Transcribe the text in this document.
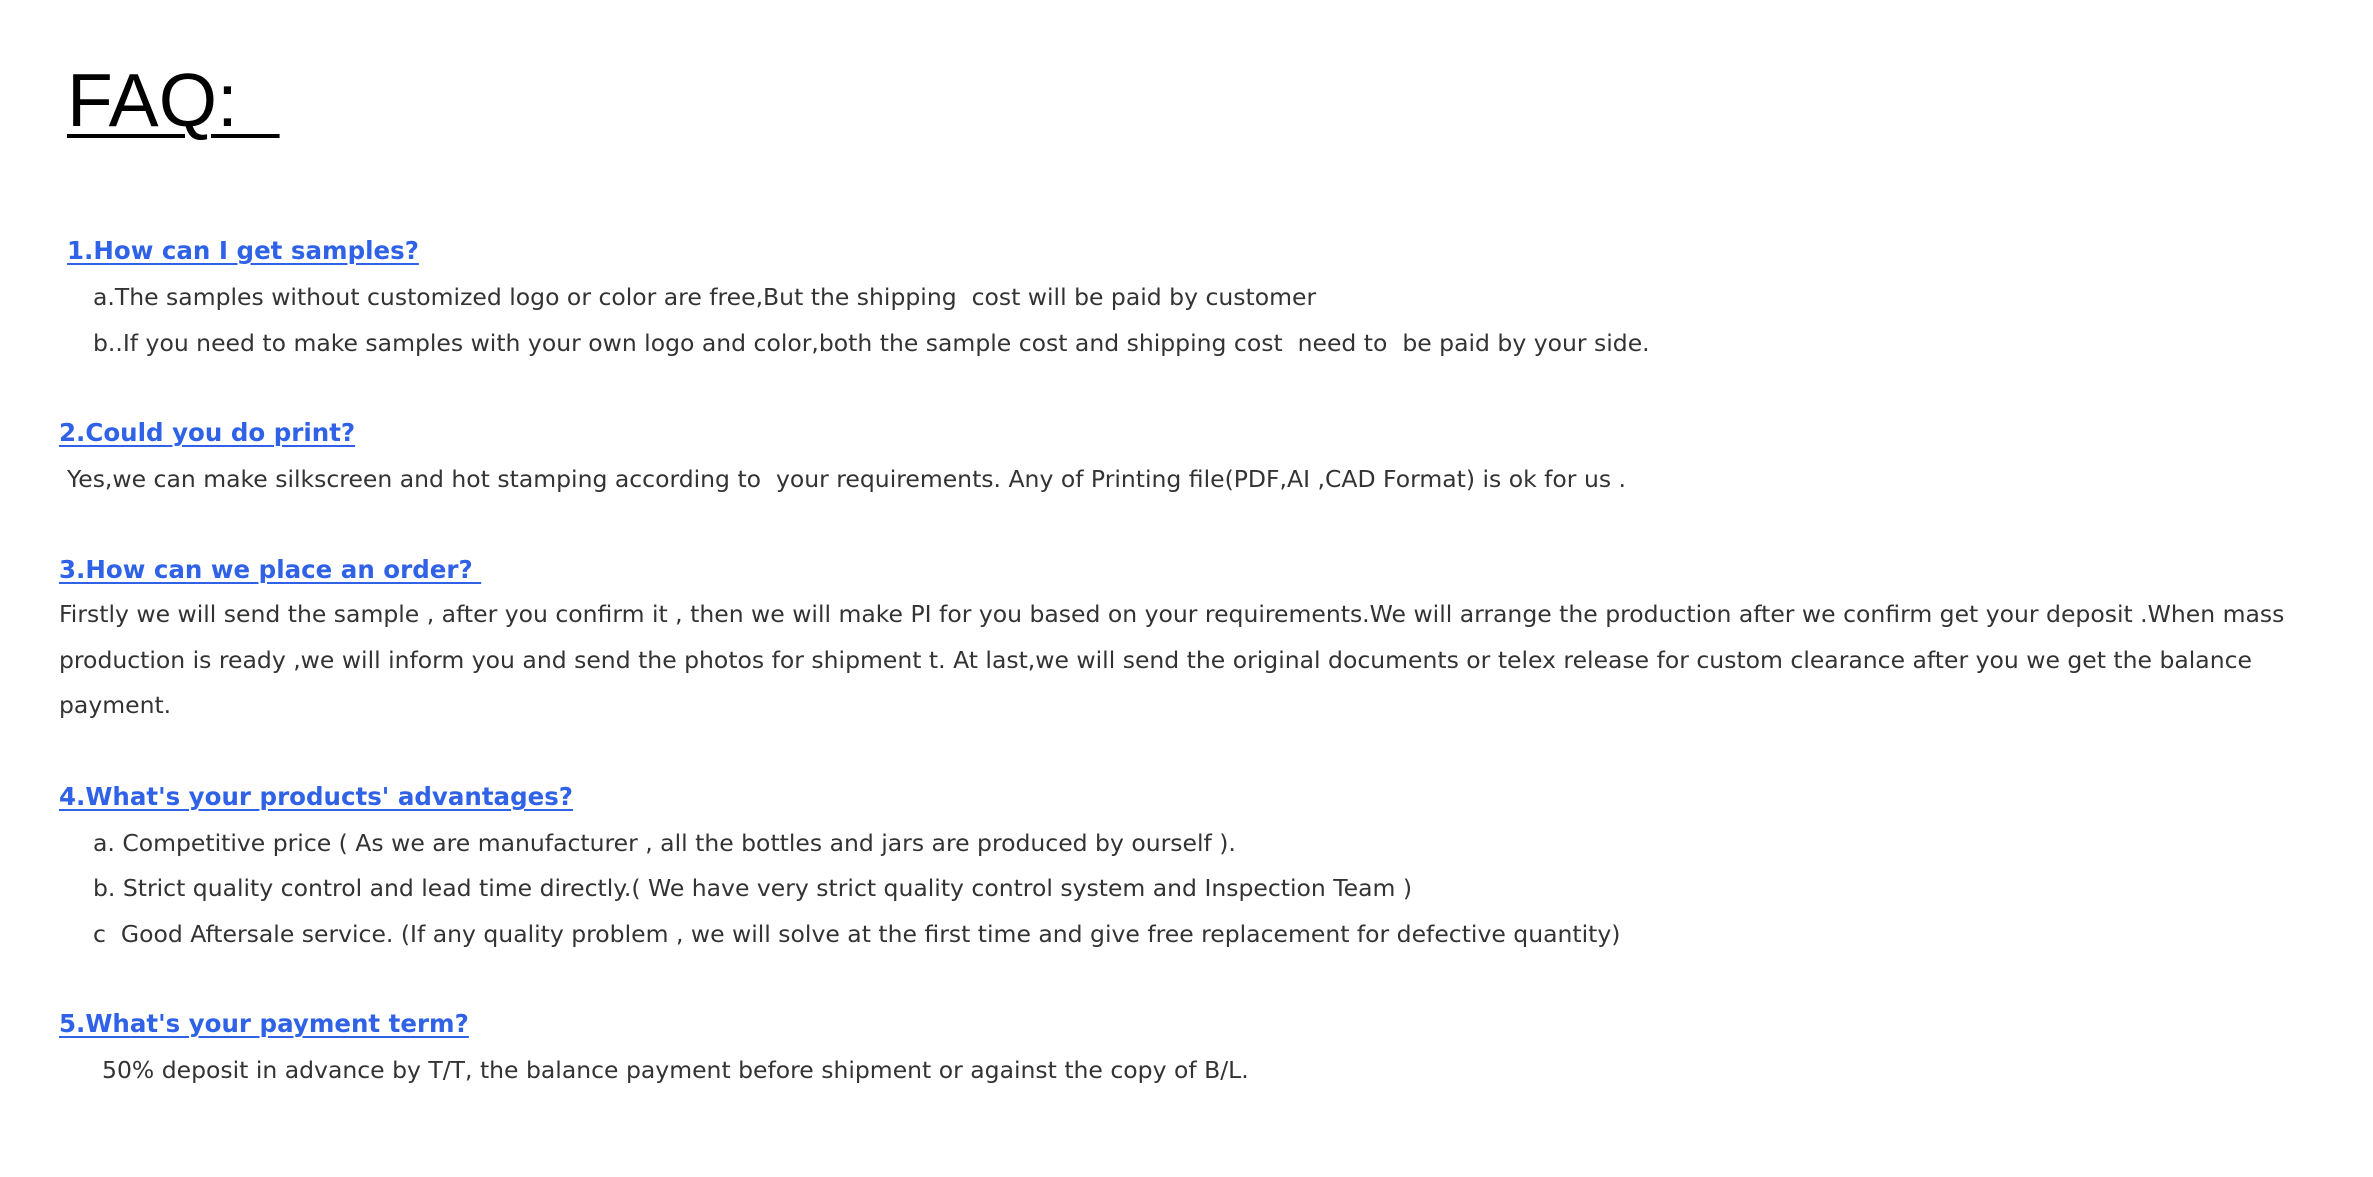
FAQ:
1.How can I get samples?
a.The samples without customized logo or color are free,But the shipping  cost will be paid by customer
b..If you need to make samples with your own logo and color,both the sample cost and shipping cost  need to  be paid by your side.
2.Could you do print?
Yes,we can make silkscreen and hot stamping according to  your requirements. Any of Printing file(PDF,AI ,CAD Format) is ok for us .
3.How can we place an order?
Firstly we will send the sample , after you confirm it , then we will make PI for you based on your requirements.We will arrange the production after we confirm get your deposit .When mass production is ready ,we will inform you and send the photos for shipment t. At last,we will send the original documents or telex release for custom clearance after you we get the balance payment.
4.What's your products' advantages?
a. Competitive price ( As we are manufacturer , all the bottles and jars are produced by ourself ).
b. Strict quality control and lead time directly.( We have very strict quality control system and Inspection Team )
c  Good Aftersale service. (If any quality problem , we will solve at the first time and give free replacement for defective quantity)
5.What's your payment term?
50% deposit in advance by T/T, the balance payment before shipment or against the copy of B/L.
